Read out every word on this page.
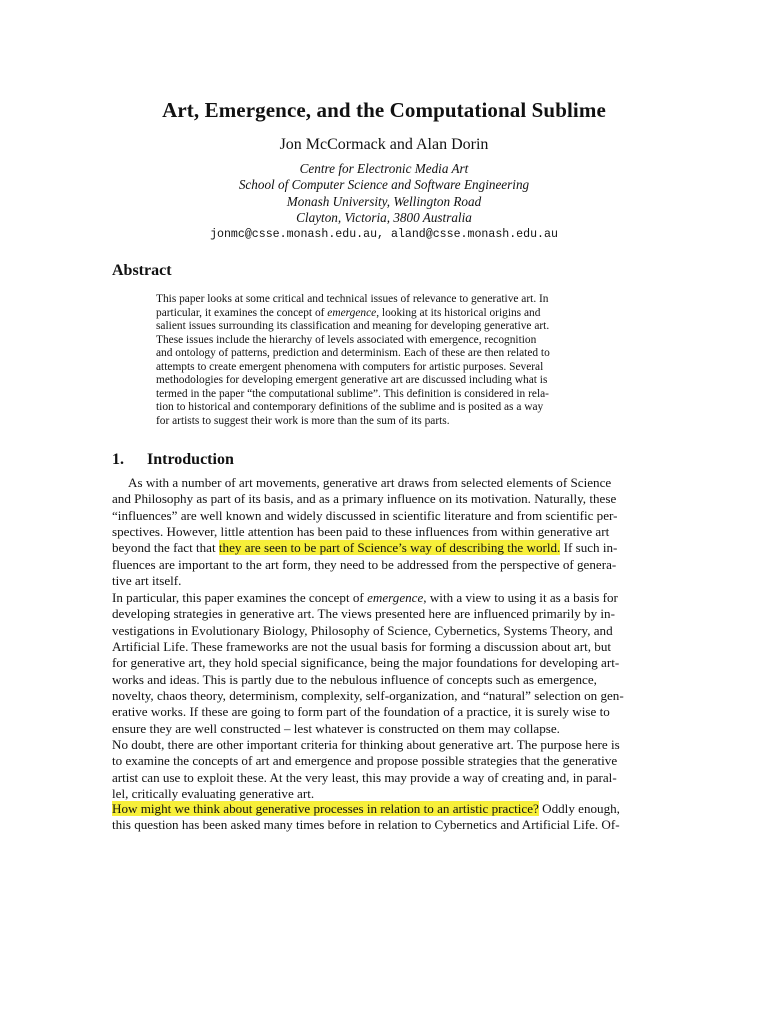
Art, Emergence, and the Computational Sublime
Jon McCormack and Alan Dorin
Centre for Electronic Media Art
School of Computer Science and Software Engineering
Monash University, Wellington Road
Clayton, Victoria, 3800 Australia
jonmc@csse.monash.edu.au, aland@csse.monash.edu.au
Abstract
This paper looks at some critical and technical issues of relevance to generative art. In
particular, it examines the concept of emergence, looking at its historical origins and
salient issues surrounding its classification and meaning for developing generative art.
These issues include the hierarchy of levels associated with emergence, recognition
and ontology of patterns, prediction and determinism. Each of these are then related to
attempts to create emergent phenomena with computers for artistic purposes. Several
methodologies for developing emergent generative art are discussed including what is
termed in the paper “the computational sublime”. This definition is considered in rela-
tion to historical and contemporary definitions of the sublime and is posited as a way
for artists to suggest their work is more than the sum of its parts.
1. Introduction
As with a number of art movements, generative art draws from selected elements of Science
and Philosophy as part of its basis, and as a primary influence on its motivation. Naturally, these
“influences” are well known and widely discussed in scientific literature and from scientific per-
spectives. However, little attention has been paid to these influences from within generative art
beyond the fact that they are seen to be part of Science’s way of describing the world. If such in-
fluences are important to the art form, they need to be addressed from the perspective of genera-
tive art itself.
In particular, this paper examines the concept of emergence, with a view to using it as a basis for
developing strategies in generative art. The views presented here are influenced primarily by in-
vestigations in Evolutionary Biology, Philosophy of Science, Cybernetics, Systems Theory, and
Artificial Life. These frameworks are not the usual basis for forming a discussion about art, but
for generative art, they hold special significance, being the major foundations for developing art-
works and ideas. This is partly due to the nebulous influence of concepts such as emergence,
novelty, chaos theory, determinism, complexity, self-organization, and “natural” selection on gen-
erative works. If these are going to form part of the foundation of a practice, it is surely wise to
ensure they are well constructed – lest whatever is constructed on them may collapse.
No doubt, there are other important criteria for thinking about generative art. The purpose here is
to examine the concepts of art and emergence and propose possible strategies that the generative
artist can use to exploit these. At the very least, this may provide a way of creating and, in paral-
lel, critically evaluating generative art.
How might we think about generative processes in relation to an artistic practice? Oddly enough,
this question has been asked many times before in relation to Cybernetics and Artificial Life. Of-
